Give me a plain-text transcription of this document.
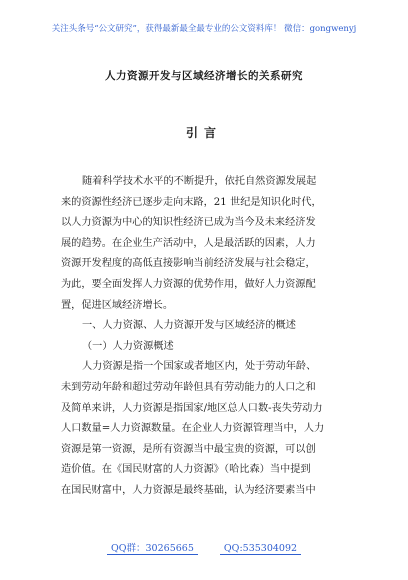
关注头条号“公文研究”，获得最新最全最专业的公文资料库！ 微信：gongwenyj
人力资源开发与区域经济增长的关系研究
引言
随着科学技术水平的不断提升，依托自然资源发展起
来的资源性经济已逐步走向末路，21 世纪是知识化时代，
以人力资源为中心的知识性经济已成为当今及未来经济发
展的趋势。在企业生产活动中，人是最活跃的因素，人力
资源开发程度的高低直接影响当前经济发展与社会稳定，
为此，要全面发挥人力资源的优势作用，做好人力资源配
置，促进区域经济增长。
一、人力资源、人力资源开发与区域经济的概述
（一）人力资源概述
人力资源是指一个国家或者地区内，处于劳动年龄、
未到劳动年龄和超过劳动年龄但具有劳动能力的人口之和
及简单来讲，人力资源是指国家/地区总人口数-丧失劳动力
人口数量=人力资源数量。在企业人力资源管理当中，人力
资源是第一资源，是所有资源当中最宝贵的资源，可以创
造价值。在《国民财富的人力资源》（哈比森）当中提到
在国民财富中，人力资源是最终基础，认为经济要素当中
QQ群：30265665	QQ:535304092
